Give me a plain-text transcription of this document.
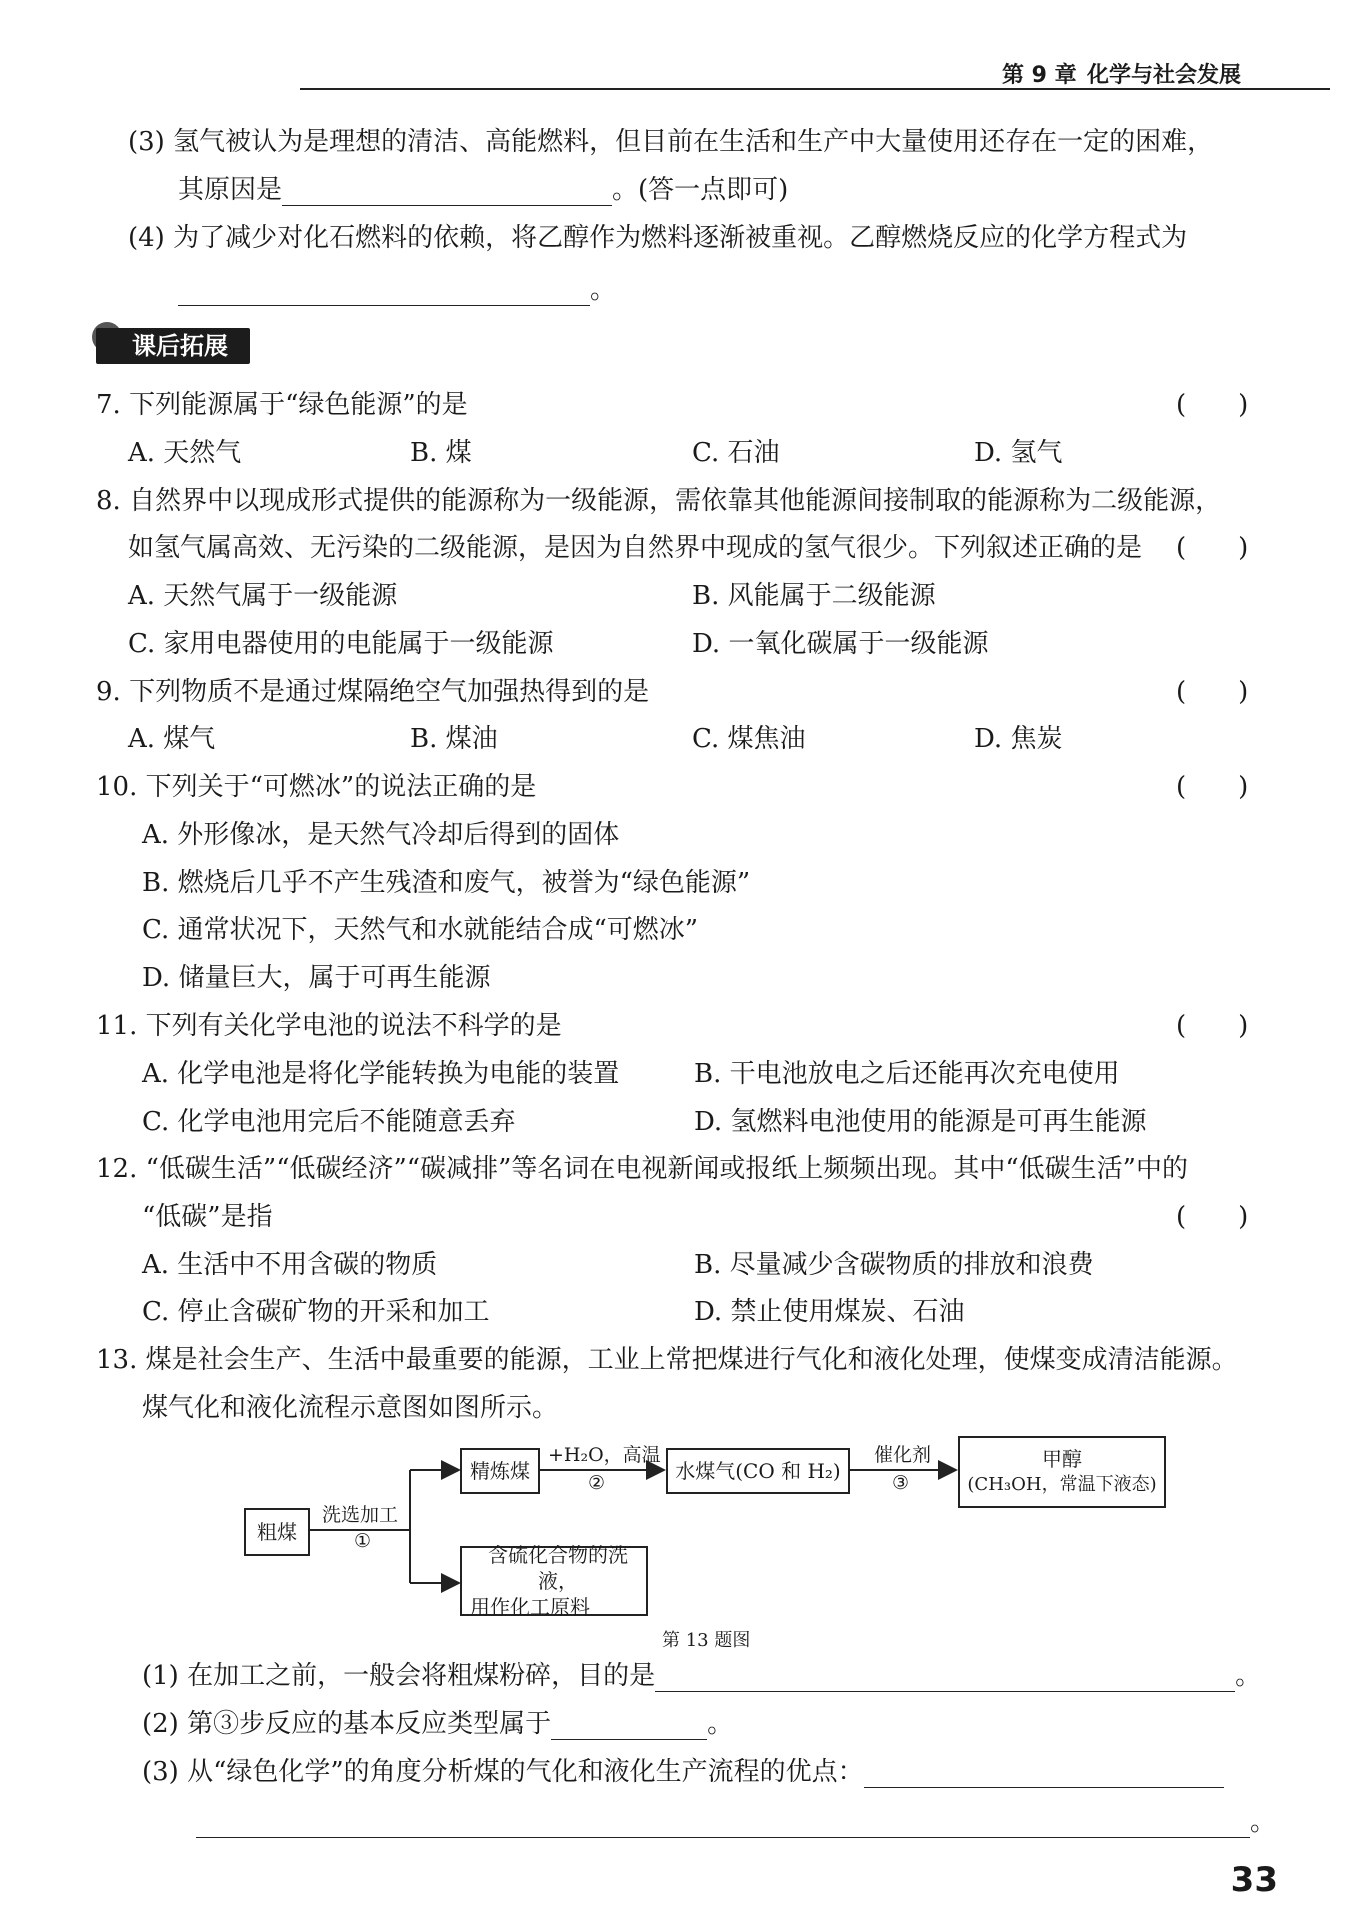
第 9 章 化学与社会发展
(3) 氢气被认为是理想的清洁、高能燃料，但目前在生活和生产中大量使用还存在一定的困难，
其原因是	。(答一点即可)
(4) 为了减少对化石燃料的依赖，将乙醇作为燃料逐渐被重视。乙醇燃烧反应的化学方程式为
。
课后拓展
7. 下列能源属于“绿色能源”的是	(　　)
A. 天然气	B. 煤	C. 石油	D. 氢气
8. 自然界中以现成形式提供的能源称为一级能源，需依靠其他能源间接制取的能源称为二级能源，
如氢气属高效、无污染的二级能源，是因为自然界中现成的氢气很少。下列叙述正确的是 (　　)
A. 天然气属于一级能源	B. 风能属于二级能源
C. 家用电器使用的电能属于一级能源	D. 一氧化碳属于一级能源
9. 下列物质不是通过煤隔绝空气加强热得到的是	(　　)
A. 煤气	B. 煤油	C. 煤焦油	D. 焦炭
10. 下列关于“可燃冰”的说法正确的是	(　　)
A. 外形像冰，是天然气冷却后得到的固体
B. 燃烧后几乎不产生残渣和废气，被誉为“绿色能源”
C. 通常状况下，天然气和水就能结合成“可燃冰”
D. 储量巨大，属于可再生能源
11. 下列有关化学电池的说法不科学的是	(　　)
A. 化学电池是将化学能转换为电能的装置	B. 干电池放电之后还能再次充电使用
C. 化学电池用完后不能随意丢弃	D. 氢燃料电池使用的能源是可再生能源
12. “低碳生活”“低碳经济”“碳减排”等名词在电视新闻或报纸上频频出现。其中“低碳生活”中的
“低碳”是指	(　　)
A. 生活中不用含碳的物质	B. 尽量减少含碳物质的排放和浪费
C. 停止含碳矿物的开采和加工	D. 禁止使用煤炭、石油
13. 煤是社会生产、生活中最重要的能源，工业上常把煤进行气化和液化处理，使煤变成清洁能源。
煤气化和液化流程示意图如图所示。
粗煤
洗选加工
①
精炼煤
+H₂O，高温
②	水煤气(CO 和 H₂)
催化剂
③
甲醇
(CH₃OH，常温下液态)
含硫化合物的洗液，
用作化工原料
第 13 题图
(1) 在加工之前，一般会将粗煤粉碎，目的是	。
(2) 第③步反应的基本反应类型属于	。
(3) 从“绿色化学”的角度分析煤的气化和液化生产流程的优点：
。
33
